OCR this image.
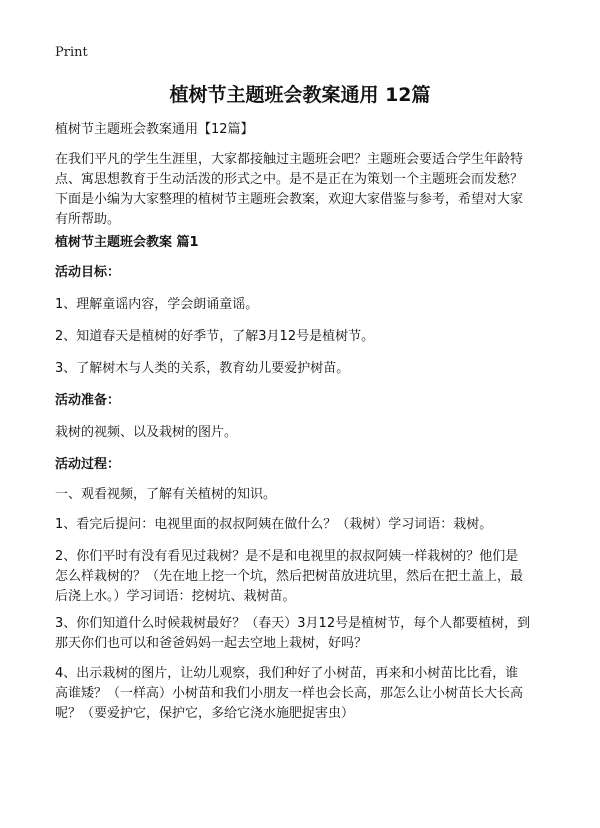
Print
植树节主题班会教案通用 12篇
植树节主题班会教案通用【12篇】
在我们平凡的学生生涯里，大家都接触过主题班会吧？主题班会要适合学生年龄特
点、寓思想教育于生动活泼的形式之中。是不是正在为策划一个主题班会而发愁？
下面是小编为大家整理的植树节主题班会教案，欢迎大家借鉴与参考，希望对大家
有所帮助。
植树节主题班会教案 篇1
活动目标：
1、理解童谣内容，学会朗诵童谣。
2、知道春天是植树的好季节，了解3月12号是植树节。
3、了解树木与人类的关系，教育幼儿要爱护树苗。
活动准备：
栽树的视频、以及栽树的图片。
活动过程：
一、观看视频，了解有关植树的知识。
1、看完后提问：电视里面的叔叔阿姨在做什么？（栽树）学习词语：栽树。
2、你们平时有没有看见过栽树？是不是和电视里的叔叔阿姨一样栽树的？他们是
怎么样栽树的？（先在地上挖一个坑，然后把树苗放进坑里，然后在把土盖上，最
后浇上水。）学习词语：挖树坑、栽树苗。
3、你们知道什么时候栽树最好？（春天）3月12号是植树节，每个人都要植树，到
那天你们也可以和爸爸妈妈一起去空地上栽树，好吗？
4、出示栽树的图片，让幼儿观察，我们种好了小树苗，再来和小树苗比比看，谁
高谁矮？（一样高）小树苗和我们小朋友一样也会长高，那怎么让小树苗长大长高
呢？（要爱护它，保护它，多给它浇水施肥捉害虫）
